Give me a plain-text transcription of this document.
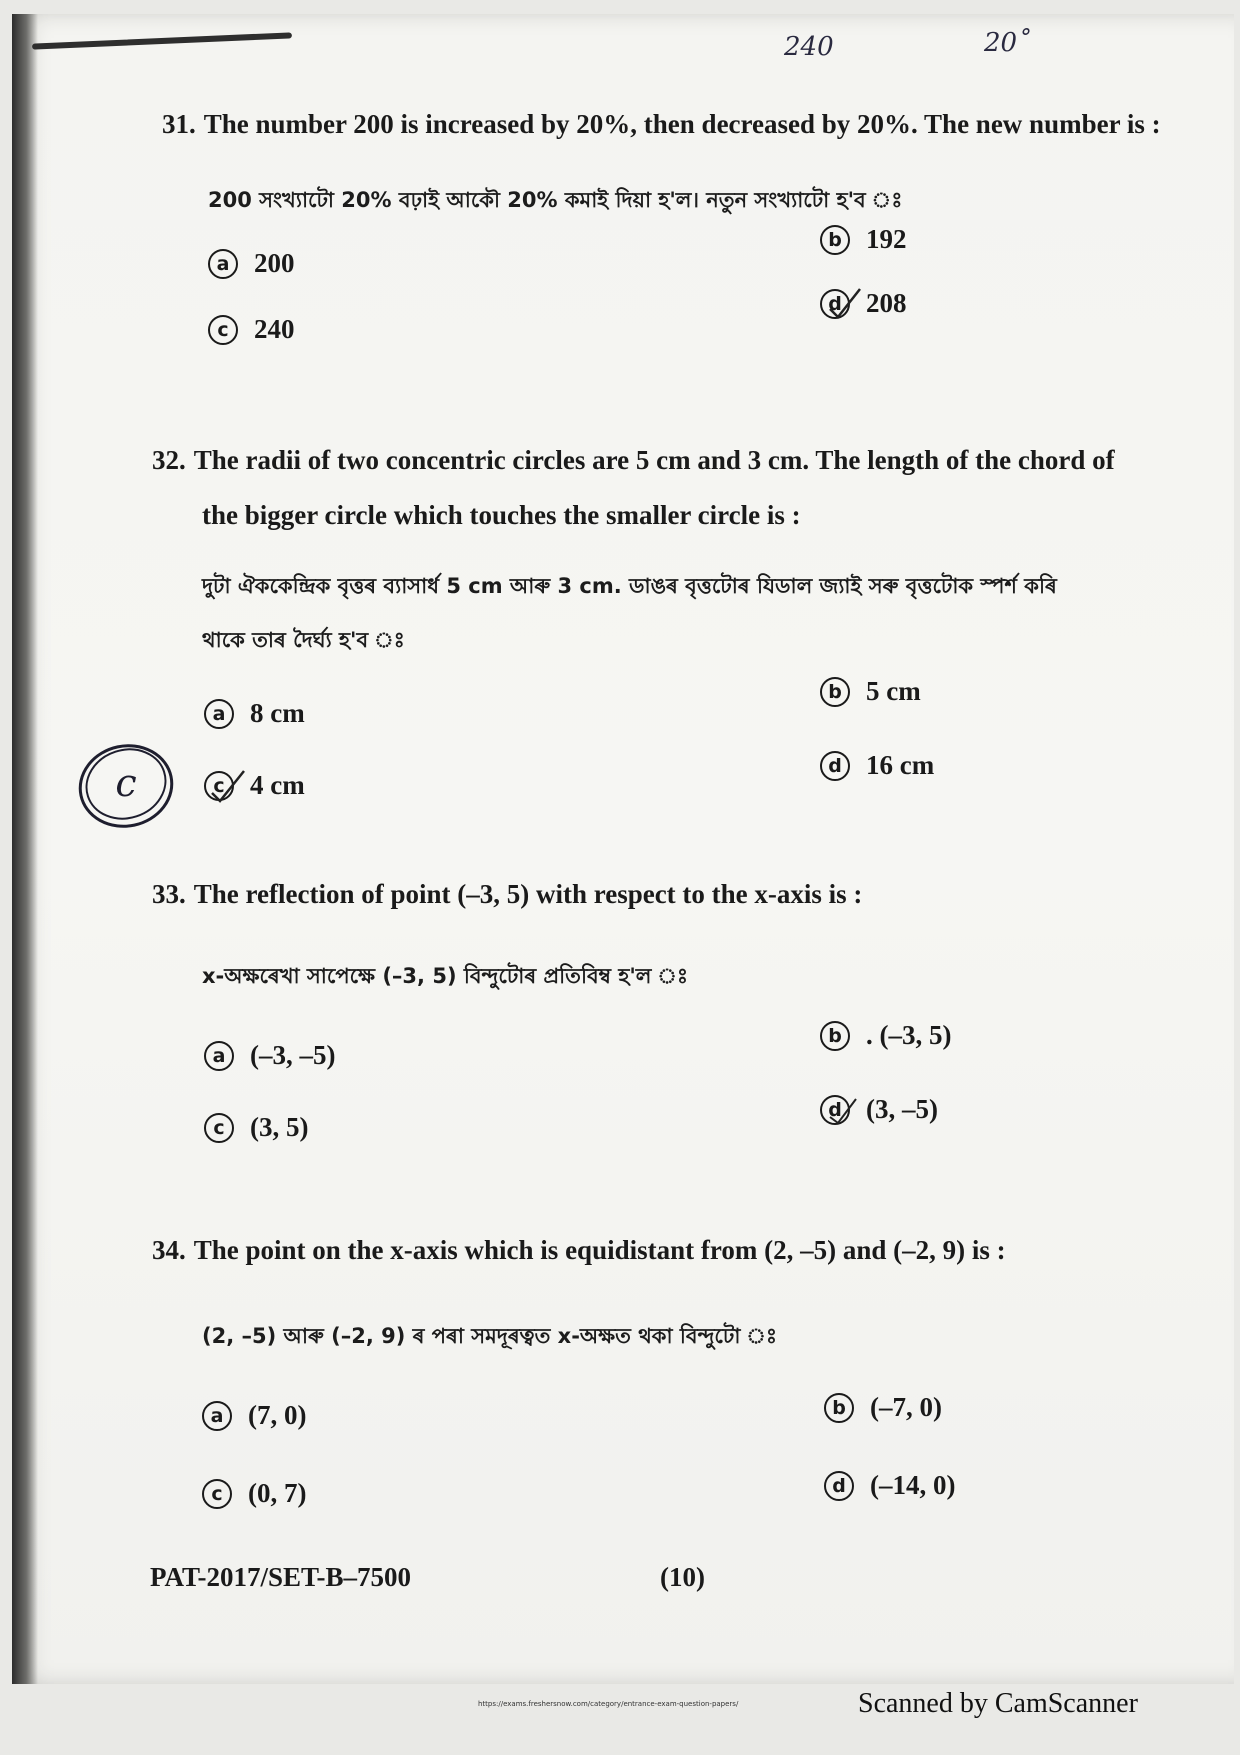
240	20˚
31. The number 200 is increased by 20%, then decreased by 20%. The new number is :
200 সংখ্যাটো 20% বঢ়াই আকৌ 20% কমাই দিয়া হ'ল। নতুন সংখ্যাটো হ'ব ঃ
a 200
b 192
c 240
d 208
32. The radii of two concentric circles are 5 cm and 3 cm. The length of the chord of
the bigger circle which touches the smaller circle is :
দুটা ঐককেন্দ্রিক বৃত্তৰ ব্যাসাৰ্ধ 5 cm আৰু 3 cm. ডাঙৰ বৃত্তটোৰ যিডাল জ্যাই সৰু বৃত্তটোক স্পৰ্শ কৰি
থাকে তাৰ দৈৰ্ঘ্য হ'ব ঃ
a 8 cm
b 5 cm
c 4 cm
d 16 cm
c
33. The reflection of point (–3, 5) with respect to the x-axis is :
x-অক্ষৰেখা সাপেক্ষে (–3, 5) বিন্দুটোৰ প্ৰতিবিম্ব হ'ল ঃ
a (–3, –5)
b . (–3, 5)
c (3, 5)
d (3, –5)
34. The point on the x-axis which is equidistant from (2, –5) and (–2, 9) is :
(2, –5) আৰু (–2, 9) ৰ পৰা সমদূৰত্বত x-অক্ষত থকা বিন্দুটো ঃ
a (7, 0)	b (–7, 0)
c (0, 7)	d (–14, 0)
PAT-2017/SET-B–7500	(10)
https://exams.freshersnow.com/category/entrance-exam-question-papers/	Scanned by CamScanner
